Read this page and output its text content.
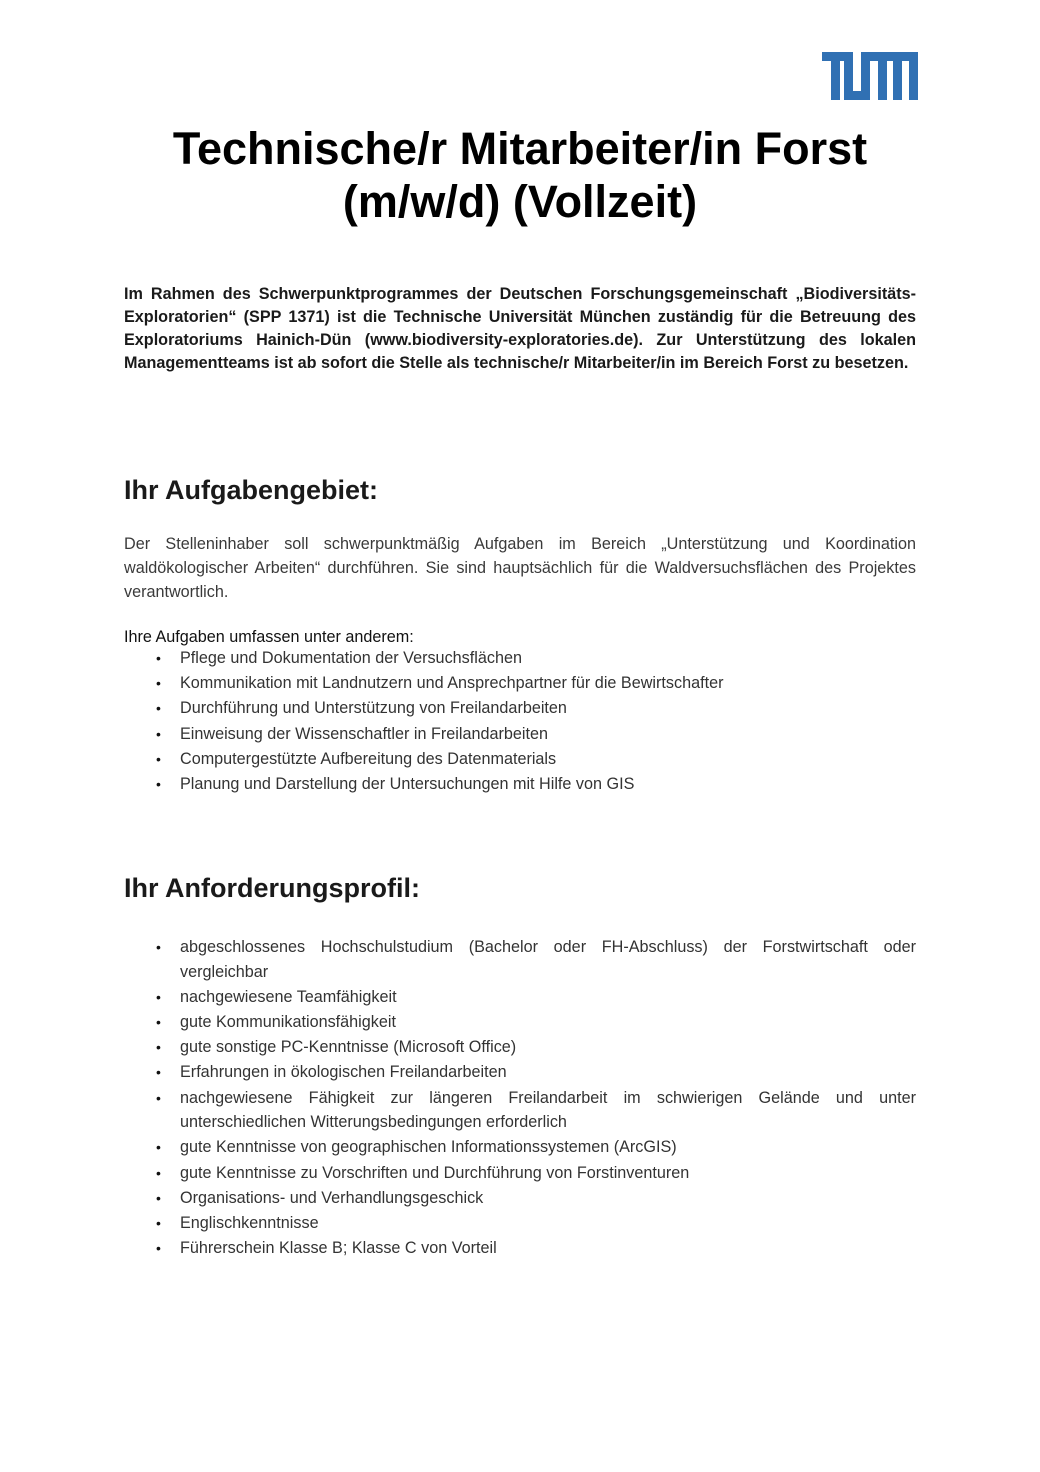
Technische/r Mitarbeiter/in Forst
(m/w/d) (Vollzeit)
Im Rahmen des Schwerpunktprogrammes der Deutschen Forschungsgemeinschaft „Biodiversitäts-Exploratorien“ (SPP 1371) ist die Technische Universität München zuständig für die Betreuung des Exploratoriums Hainich-Dün (www.biodiversity-exploratories.de). Zur Unterstützung des lokalen Managementteams ist ab sofort die Stelle als technische/r Mitarbeiter/in im Bereich Forst zu besetzen.
Ihr Aufgabengebiet:
Der Stelleninhaber soll schwerpunktmäßig Aufgaben im Bereich „Unterstützung und Koordination waldökologischer Arbeiten“ durchführen. Sie sind hauptsächlich für die Waldversuchsflächen des Projektes verantwortlich.
Ihre Aufgaben umfassen unter anderem:
• Pflege und Dokumentation der Versuchsflächen
• Kommunikation mit Landnutzern und Ansprechpartner für die Bewirtschafter
• Durchführung und Unterstützung von Freilandarbeiten
• Einweisung der Wissenschaftler in Freilandarbeiten
• Computergestützte Aufbereitung des Datenmaterials
• Planung und Darstellung der Untersuchungen mit Hilfe von GIS
Ihr Anforderungsprofil:
• abgeschlossenes Hochschulstudium (Bachelor oder FH-Abschluss) der Forstwirtschaft oder vergleichbar
• nachgewiesene Teamfähigkeit
• gute Kommunikationsfähigkeit
• gute sonstige PC-Kenntnisse (Microsoft Office)
• Erfahrungen in ökologischen Freilandarbeiten
• nachgewiesene Fähigkeit zur längeren Freilandarbeit im schwierigen Gelände und unter unterschiedlichen Witterungsbedingungen erforderlich
• gute Kenntnisse von geographischen Informationssystemen (ArcGIS)
• gute Kenntnisse zu Vorschriften und Durchführung von Forstinventuren
• Organisations- und Verhandlungsgeschick
• Englischkenntnisse
• Führerschein Klasse B; Klasse C von Vorteil
